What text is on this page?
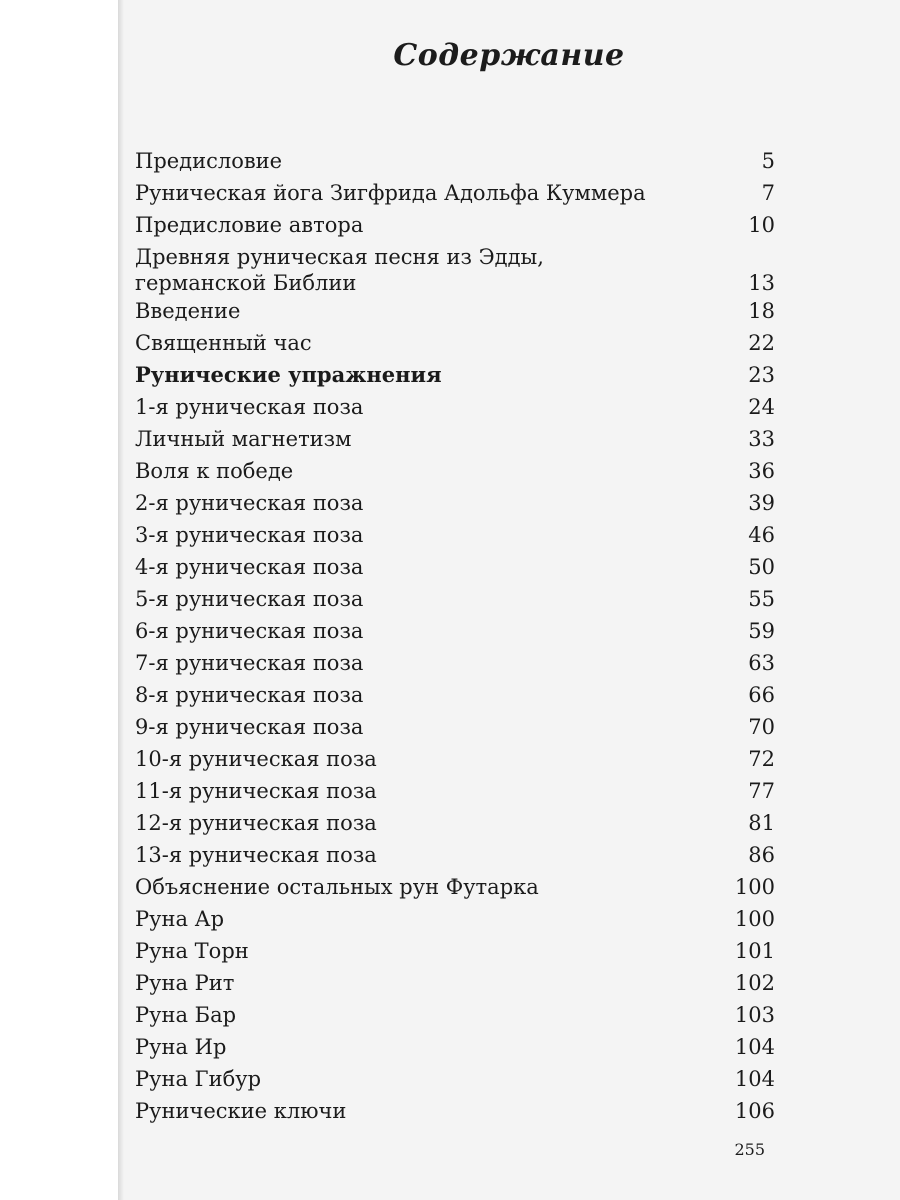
Содержание
Предисловие	5
Руническая йога Зигфрида Адольфа Куммера	7
Предисловие автора	10
Древняя руническая песня из Эдды,
германской Библии	13
Введение	18
Священный час	22
Рунические упражнения	23
1-я руническая поза	24
Личный магнетизм	33
Воля к победе	36
2-я руническая поза	39
3-я руническая поза	46
4-я руническая поза	50
5-я руническая поза	55
6-я руническая поза	59
7-я руническая поза	63
8-я руническая поза	66
9-я руническая поза	70
10-я руническая поза	72
11-я руническая поза	77
12-я руническая поза	81
13-я руническая поза	86
Объяснение остальных рун Футарка	100
Руна Ар	100
Руна Торн	101
Руна Рит	102
Руна Бар	103
Руна Ир	104
Руна Гибур	104
Рунические ключи	106
255
